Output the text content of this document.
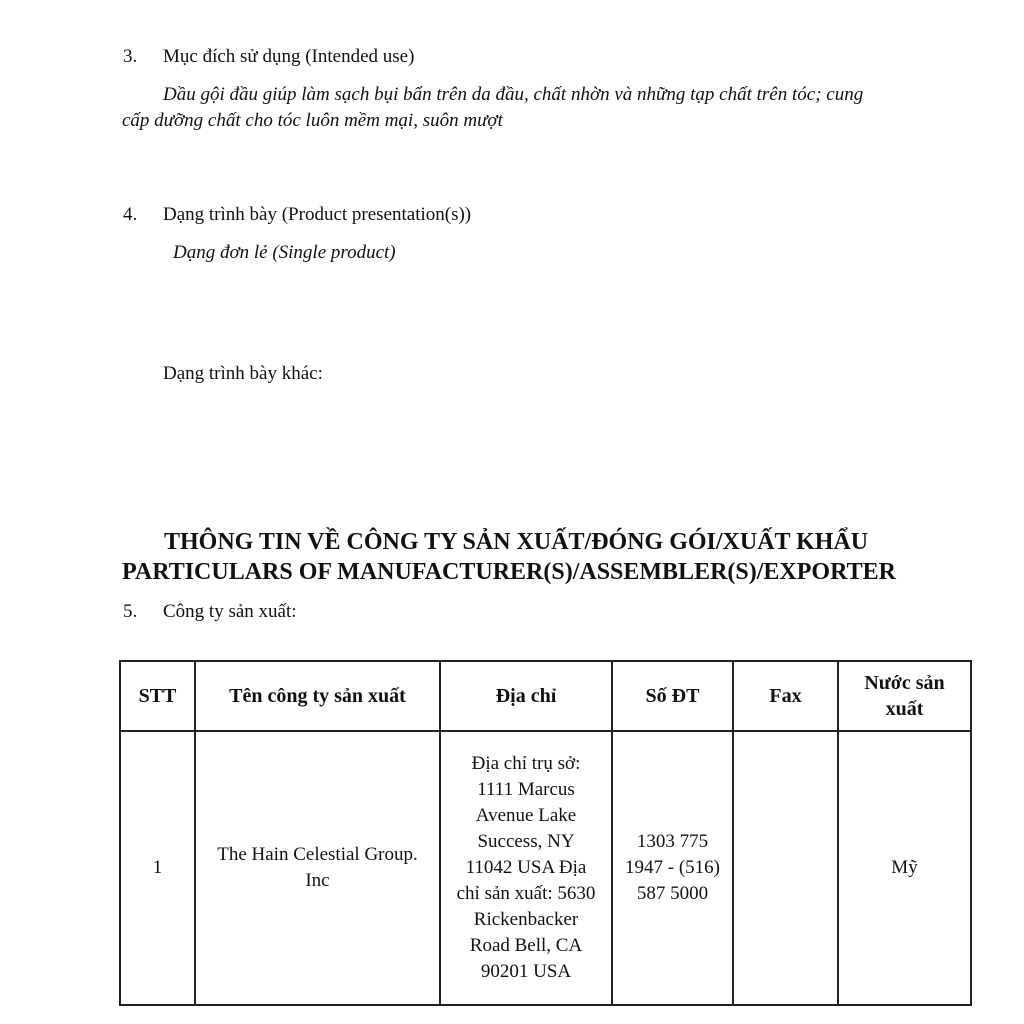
3. Mục đích sử dụng (Intended use)
Dầu gội đầu giúp làm sạch bụi bẩn trên da đầu, chất nhờn và những tạp chất trên tóc; cung
cấp dưỡng chất cho tóc luôn mềm mại, suôn mượt
4. Dạng trình bày (Product presentation(s))
Dạng đơn lẻ (Single product)
Dạng trình bày khác:
THÔNG TIN VỀ CÔNG TY SẢN XUẤT/ĐÓNG GÓI/XUẤT KHẨU
PARTICULARS OF MANUFACTURER(S)/ASSEMBLER(S)/EXPORTER
5. Công ty sản xuất:
STT	Tên công ty sản xuất	Địa chỉ	Số ĐT	Fax	Nước sản xuất
1	The Hain Celestial Group. Inc	Địa chỉ trụ sở: 1111 Marcus Avenue Lake Success, NY 11042 USA Địa chỉ sản xuất: 5630 Rickenbacker Road Bell, CA 90201 USA	1303 775 1947 - (516) 587 5000		Mỹ
